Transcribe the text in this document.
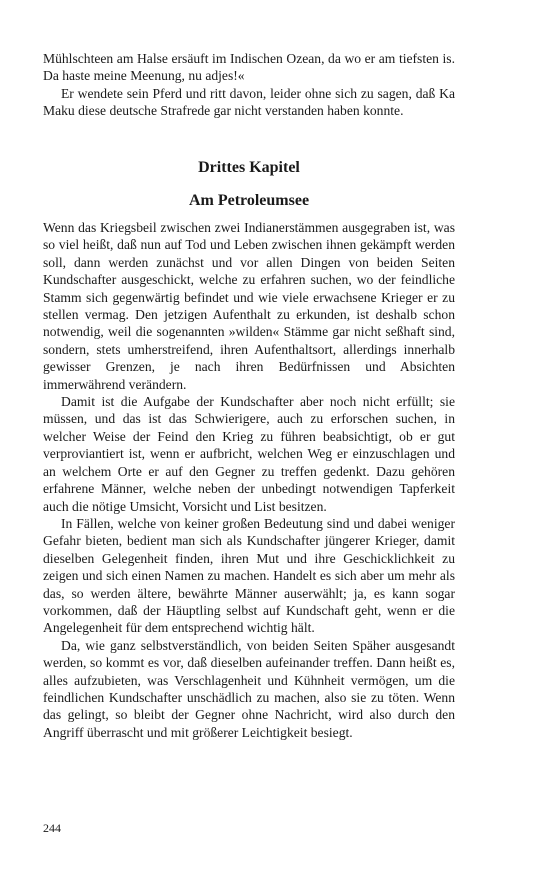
Mühlschteen am Halse ersäuft im Indischen Ozean, da wo er am tiefsten is. Da haste meine Meenung, nu adjes!«

Er wendete sein Pferd und ritt davon, leider ohne sich zu sagen, daß Ka Maku diese deutsche Strafrede gar nicht verstanden haben konnte.

Drittes Kapitel
Am Petroleumsee

Wenn das Kriegsbeil zwischen zwei Indianerstämmen ausgegraben ist, was so viel heißt, daß nun auf Tod und Leben zwischen ihnen gekämpft werden soll, dann werden zunächst und vor allen Dingen von beiden Seiten Kundschafter ausgeschickt, welche zu erfahren suchen, wo der feindliche Stamm sich gegenwärtig befindet und wie viele erwachsene Krieger er zu stellen vermag. Den jetzigen Aufenthalt zu erkunden, ist deshalb schon notwendig, weil die sogenannten »wilden« Stämme gar nicht seßhaft sind, sondern, stets umherstreifend, ihren Aufenthaltsort, allerdings innerhalb gewisser Grenzen, je nach ihren Bedürfnissen und Absichten immerwährend verändern.

Damit ist die Aufgabe der Kundschafter aber noch nicht erfüllt; sie müssen, und das ist das Schwierigere, auch zu erforschen suchen, in welcher Weise der Feind den Krieg zu führen beabsichtigt, ob er gut verproviantiert ist, wenn er aufbricht, welchen Weg er einzuschlagen und an welchem Orte er auf den Gegner zu treffen gedenkt. Dazu gehören erfahrene Männer, welche neben der unbedingt notwendigen Tapferkeit auch die nötige Umsicht, Vorsicht und List besitzen.

In Fällen, welche von keiner großen Bedeutung sind und dabei weniger Gefahr bieten, bedient man sich als Kundschafter jüngerer Krieger, damit dieselben Gelegenheit finden, ihren Mut und ihre Geschicklichkeit zu zeigen und sich einen Namen zu machen. Handelt es sich aber um mehr als das, so werden ältere, bewährte Männer auserwählt; ja, es kann sogar vorkommen, daß der Häuptling selbst auf Kundschaft geht, wenn er die Angelegenheit für dem entsprechend wichtig hält.

Da, wie ganz selbstverständlich, von beiden Seiten Späher ausgesandt werden, so kommt es vor, daß dieselben aufeinander treffen. Dann heißt es, alles aufzubieten, was Verschlagenheit und Kühnheit vermögen, um die feindlichen Kundschafter unschädlich zu machen, also sie zu töten. Wenn das gelingt, so bleibt der Gegner ohne Nachricht, wird also durch den Angriff überrascht und mit größerer Leichtigkeit besiegt.

244
